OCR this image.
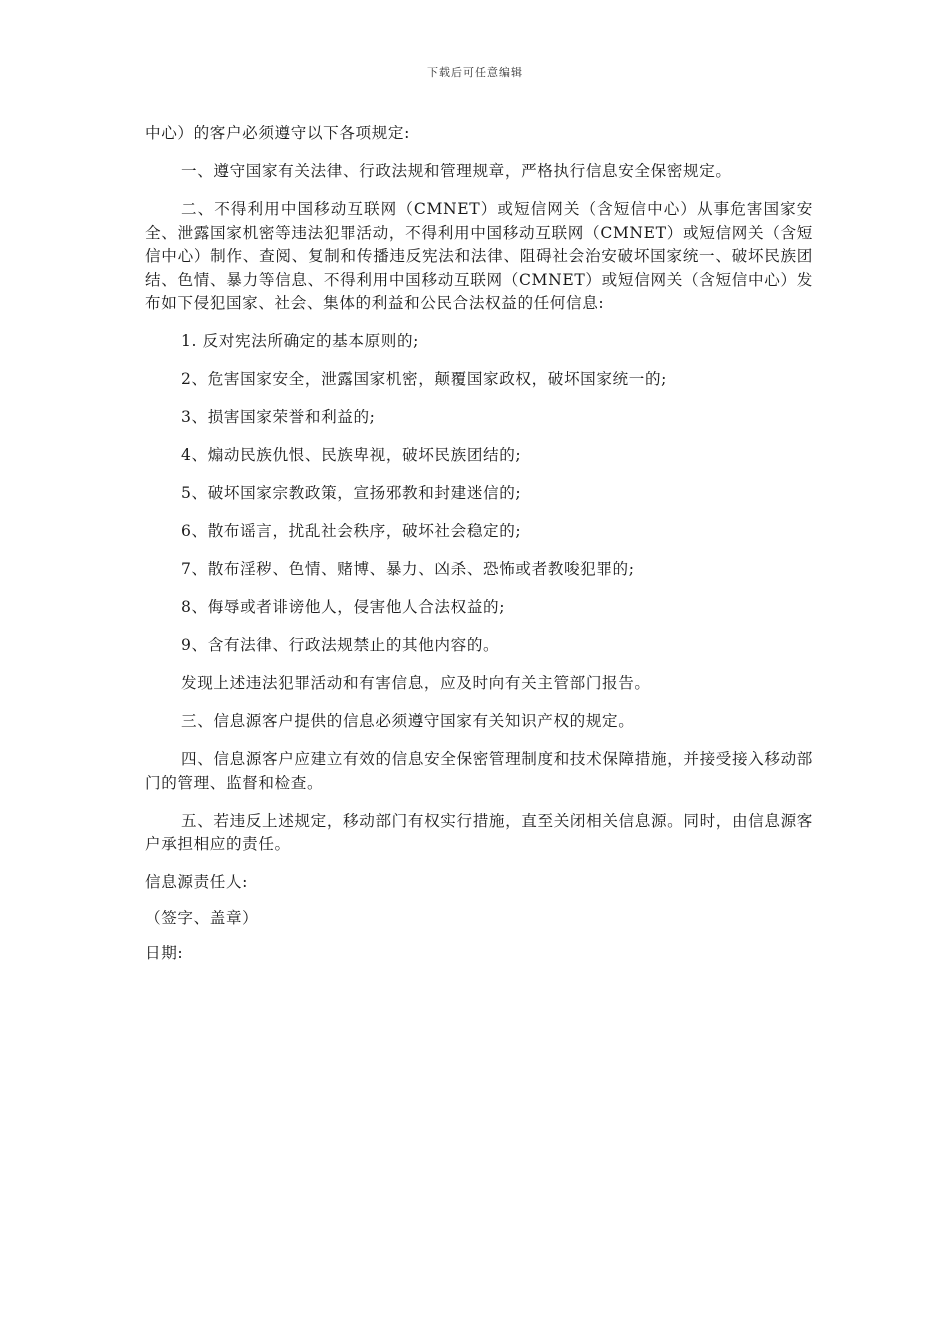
下载后可任意编辑

中心）的客户必须遵守以下各项规定:

一、遵守国家有关法律、行政法规和管理规章，严格执行信息安全保密规定。

二、不得利用中国移动互联网（CMNET）或短信网关（含短信中心）从事危害国家安全、泄露国家机密等违法犯罪活动，不得利用中国移动互联网（CMNET）或短信网关（含短信中心）制作、查阅、复制和传播违反宪法和法律、阻碍社会治安破坏国家统一、破坏民族团结、色情、暴力等信息、不得利用中国移动互联网（CMNET）或短信网关（含短信中心）发布如下侵犯国家、社会、集体的利益和公民合法权益的任何信息:

1. 反对宪法所确定的基本原则的;

2、危害国家安全，泄露国家机密，颠覆国家政权，破坏国家统一的;

3、损害国家荣誉和利益的;

4、煽动民族仇恨、民族卑视，破坏民族团结的;

5、破坏国家宗教政策，宣扬邪教和封建迷信的;

6、散布谣言，扰乱社会秩序，破坏社会稳定的;

7、散布淫秽、色情、赌博、暴力、凶杀、恐怖或者教唆犯罪的;

8、侮辱或者诽谤他人，侵害他人合法权益的;

9、含有法律、行政法规禁止的其他内容的。

发现上述违法犯罪活动和有害信息，应及时向有关主管部门报告。

三、信息源客户提供的信息必须遵守国家有关知识产权的规定。

四、信息源客户应建立有效的信息安全保密管理制度和技术保障措施，并接受接入移动部门的管理、监督和检查。

五、若违反上述规定，移动部门有权实行措施，直至关闭相关信息源。同时，由信息源客户承担相应的责任。

信息源责任人:

（签字、盖章）

日期:
